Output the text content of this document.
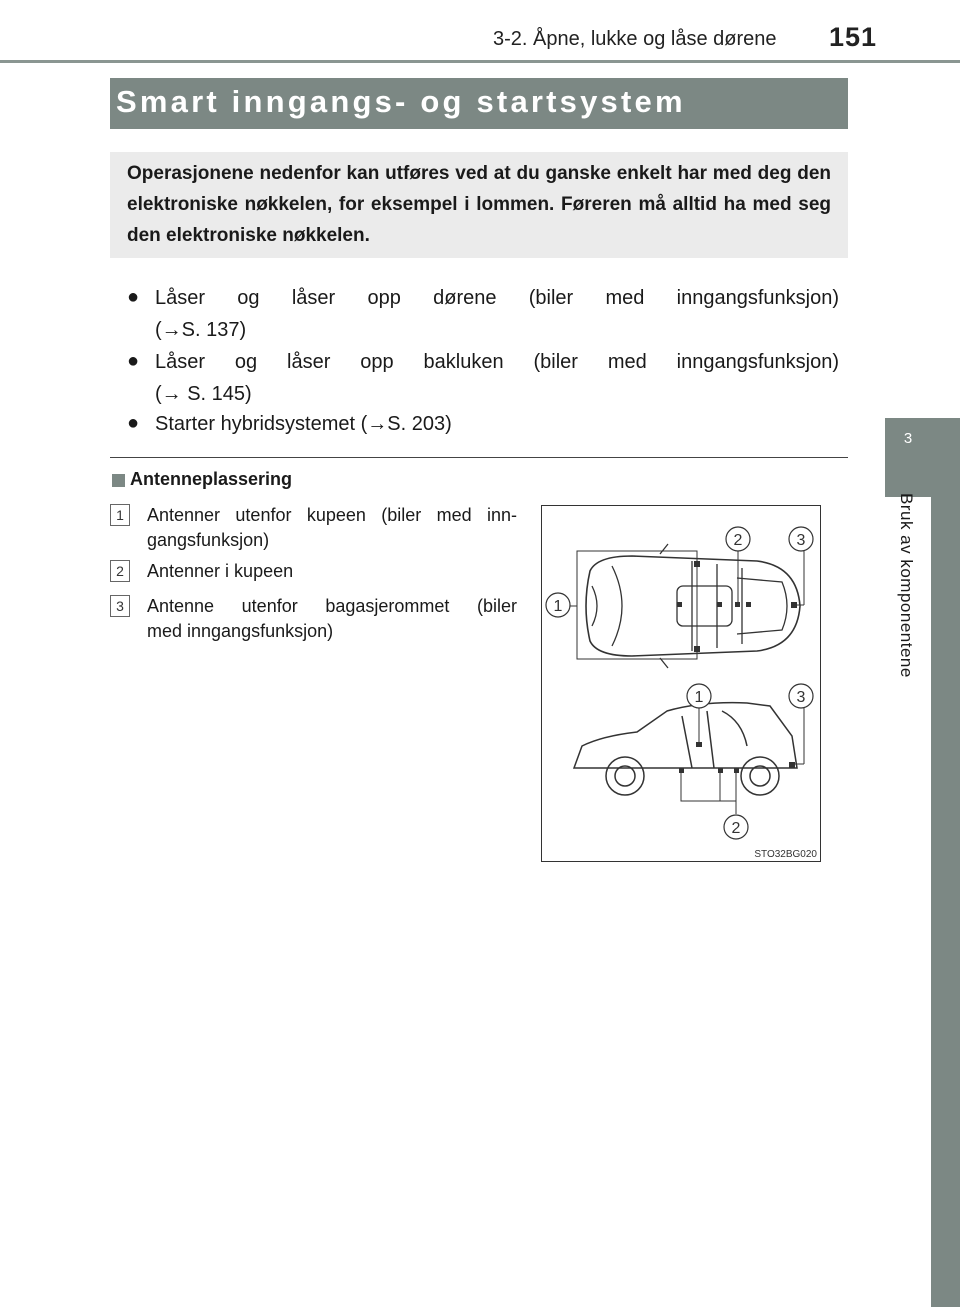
3-2. Åpne, lukke og låse dørene 151
3
Bruk av komponentene
Smart inngangs- og startsystem
Operasjonene nedenfor kan utføres ved at du ganske enkelt har med deg den elektroniske nøkkelen, for eksempel i lommen. Føreren må alltid ha med seg den elektroniske nøkkelen.
● Låser og låser opp dørene (biler med inngangsfunksjon)
(→S. 137)
● Låser og låser opp bakluken (biler med inngangsfunksjon)
(→ S. 145)
● Starter hybridsystemet (→S. 203)
Antenneplassering
1	Antenner utenfor kupeen (biler med inn-
gangsfunksjon)
2	Antenner i kupeen
3	Antenne utenfor bagasjerommet (biler
med inngangsfunksjon)
2	3
1
1	3
2
STO32BG020
